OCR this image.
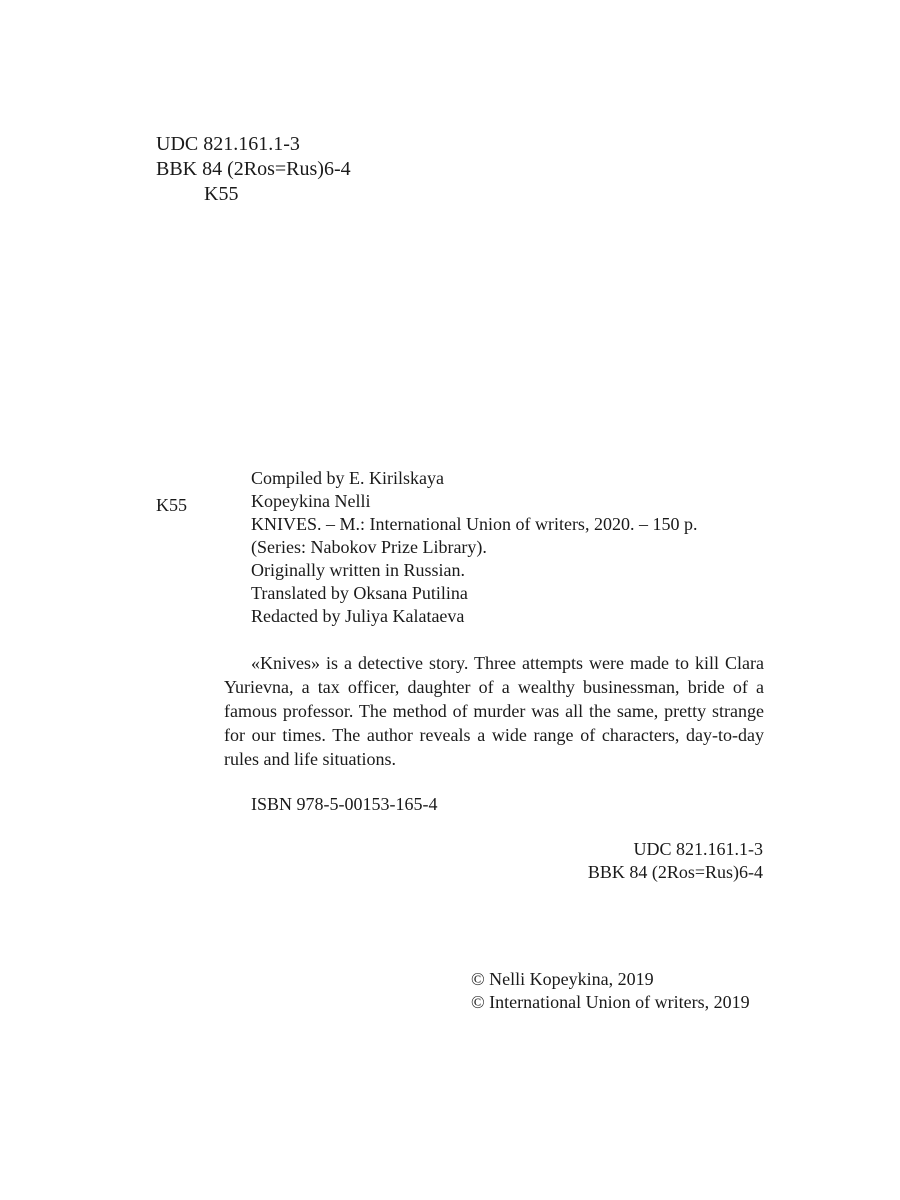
UDC 821.161.1-3
BBK 84 (2Ros=Rus)6-4
K55
K55
Compiled by E. Kirilskaya
Kopeykina Nelli
KNIVES. – M.: International Union of writers, 2020. – 150 p.
(Series: Nabokov Prize Library).
Originally written in Russian.
Translated by Oksana Putilina
Redacted by Juliya Kalataeva

«Knives» is a detective story. Three attempts were made to kill Clara Yurievna, a tax officer, daughter of a wealthy businessman, bride of a famous professor. The method of murder was all the same, pretty strange for our times. The author reveals a wide range of characters, day-to-day rules and life situations.

ISBN 978-5-00153-165-4
UDC 821.161.1-3
BBK 84 (2Ros=Rus)6-4
© Nelli Kopeykina, 2019
© International Union of writers, 2019
